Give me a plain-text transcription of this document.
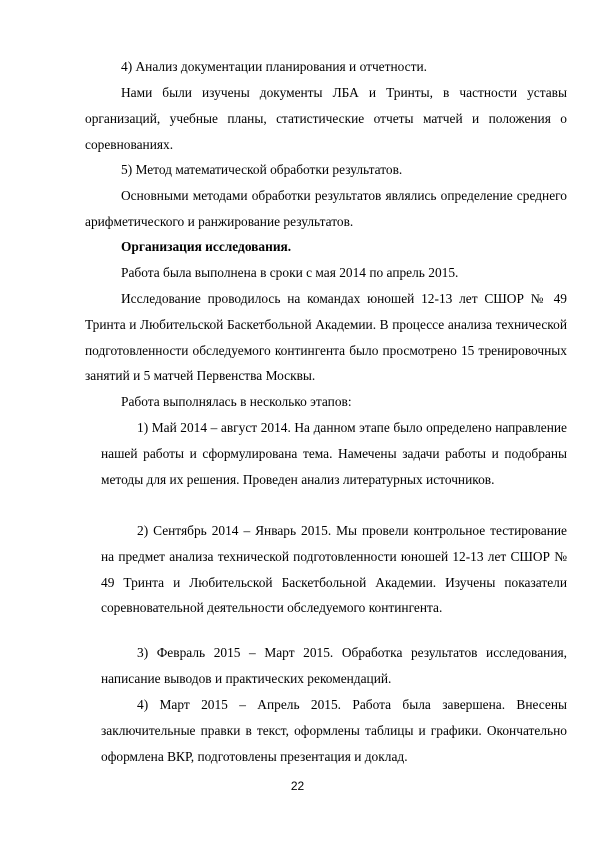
4) Анализ документации планирования и отчетности.
Нами были изучены документы ЛБА и Тринты, в частности уставы организаций, учебные планы, статистические отчеты матчей и положения о соревнованиях.
5) Метод математической обработки результатов.
Основными методами обработки результатов являлись определение среднего арифметического и ранжирование результатов.
Организация исследования.
Работа была выполнена в сроки с мая 2014 по апрель 2015.
Исследование проводилось на командах юношей 12-13 лет СШОР № 49 Тринта и Любительской Баскетбольной Академии. В процессе анализа технической подготовленности обследуемого контингента было просмотрено 15 тренировочных занятий и 5 матчей Первенства Москвы.
Работа выполнялась в несколько этапов:
1) Май 2014 – август 2014. На данном этапе было определено направление нашей работы и сформулирована тема. Намечены задачи работы и подобраны методы для их решения. Проведен анализ литературных источников.
2) Сентябрь 2014 – Январь 2015. Мы провели контрольное тестирование на предмет анализа технической подготовленности юношей 12-13 лет СШОР № 49 Тринта и Любительской Баскетбольной Академии. Изучены показатели соревновательной деятельности обследуемого контингента.
3) Февраль 2015 – Март 2015. Обработка результатов исследования, написание выводов и практических рекомендаций.
4) Март 2015 – Апрель 2015. Работа была завершена. Внесены заключительные правки в текст, оформлены таблицы и графики. Окончательно оформлена ВКР, подготовлены презентация и доклад.
22
